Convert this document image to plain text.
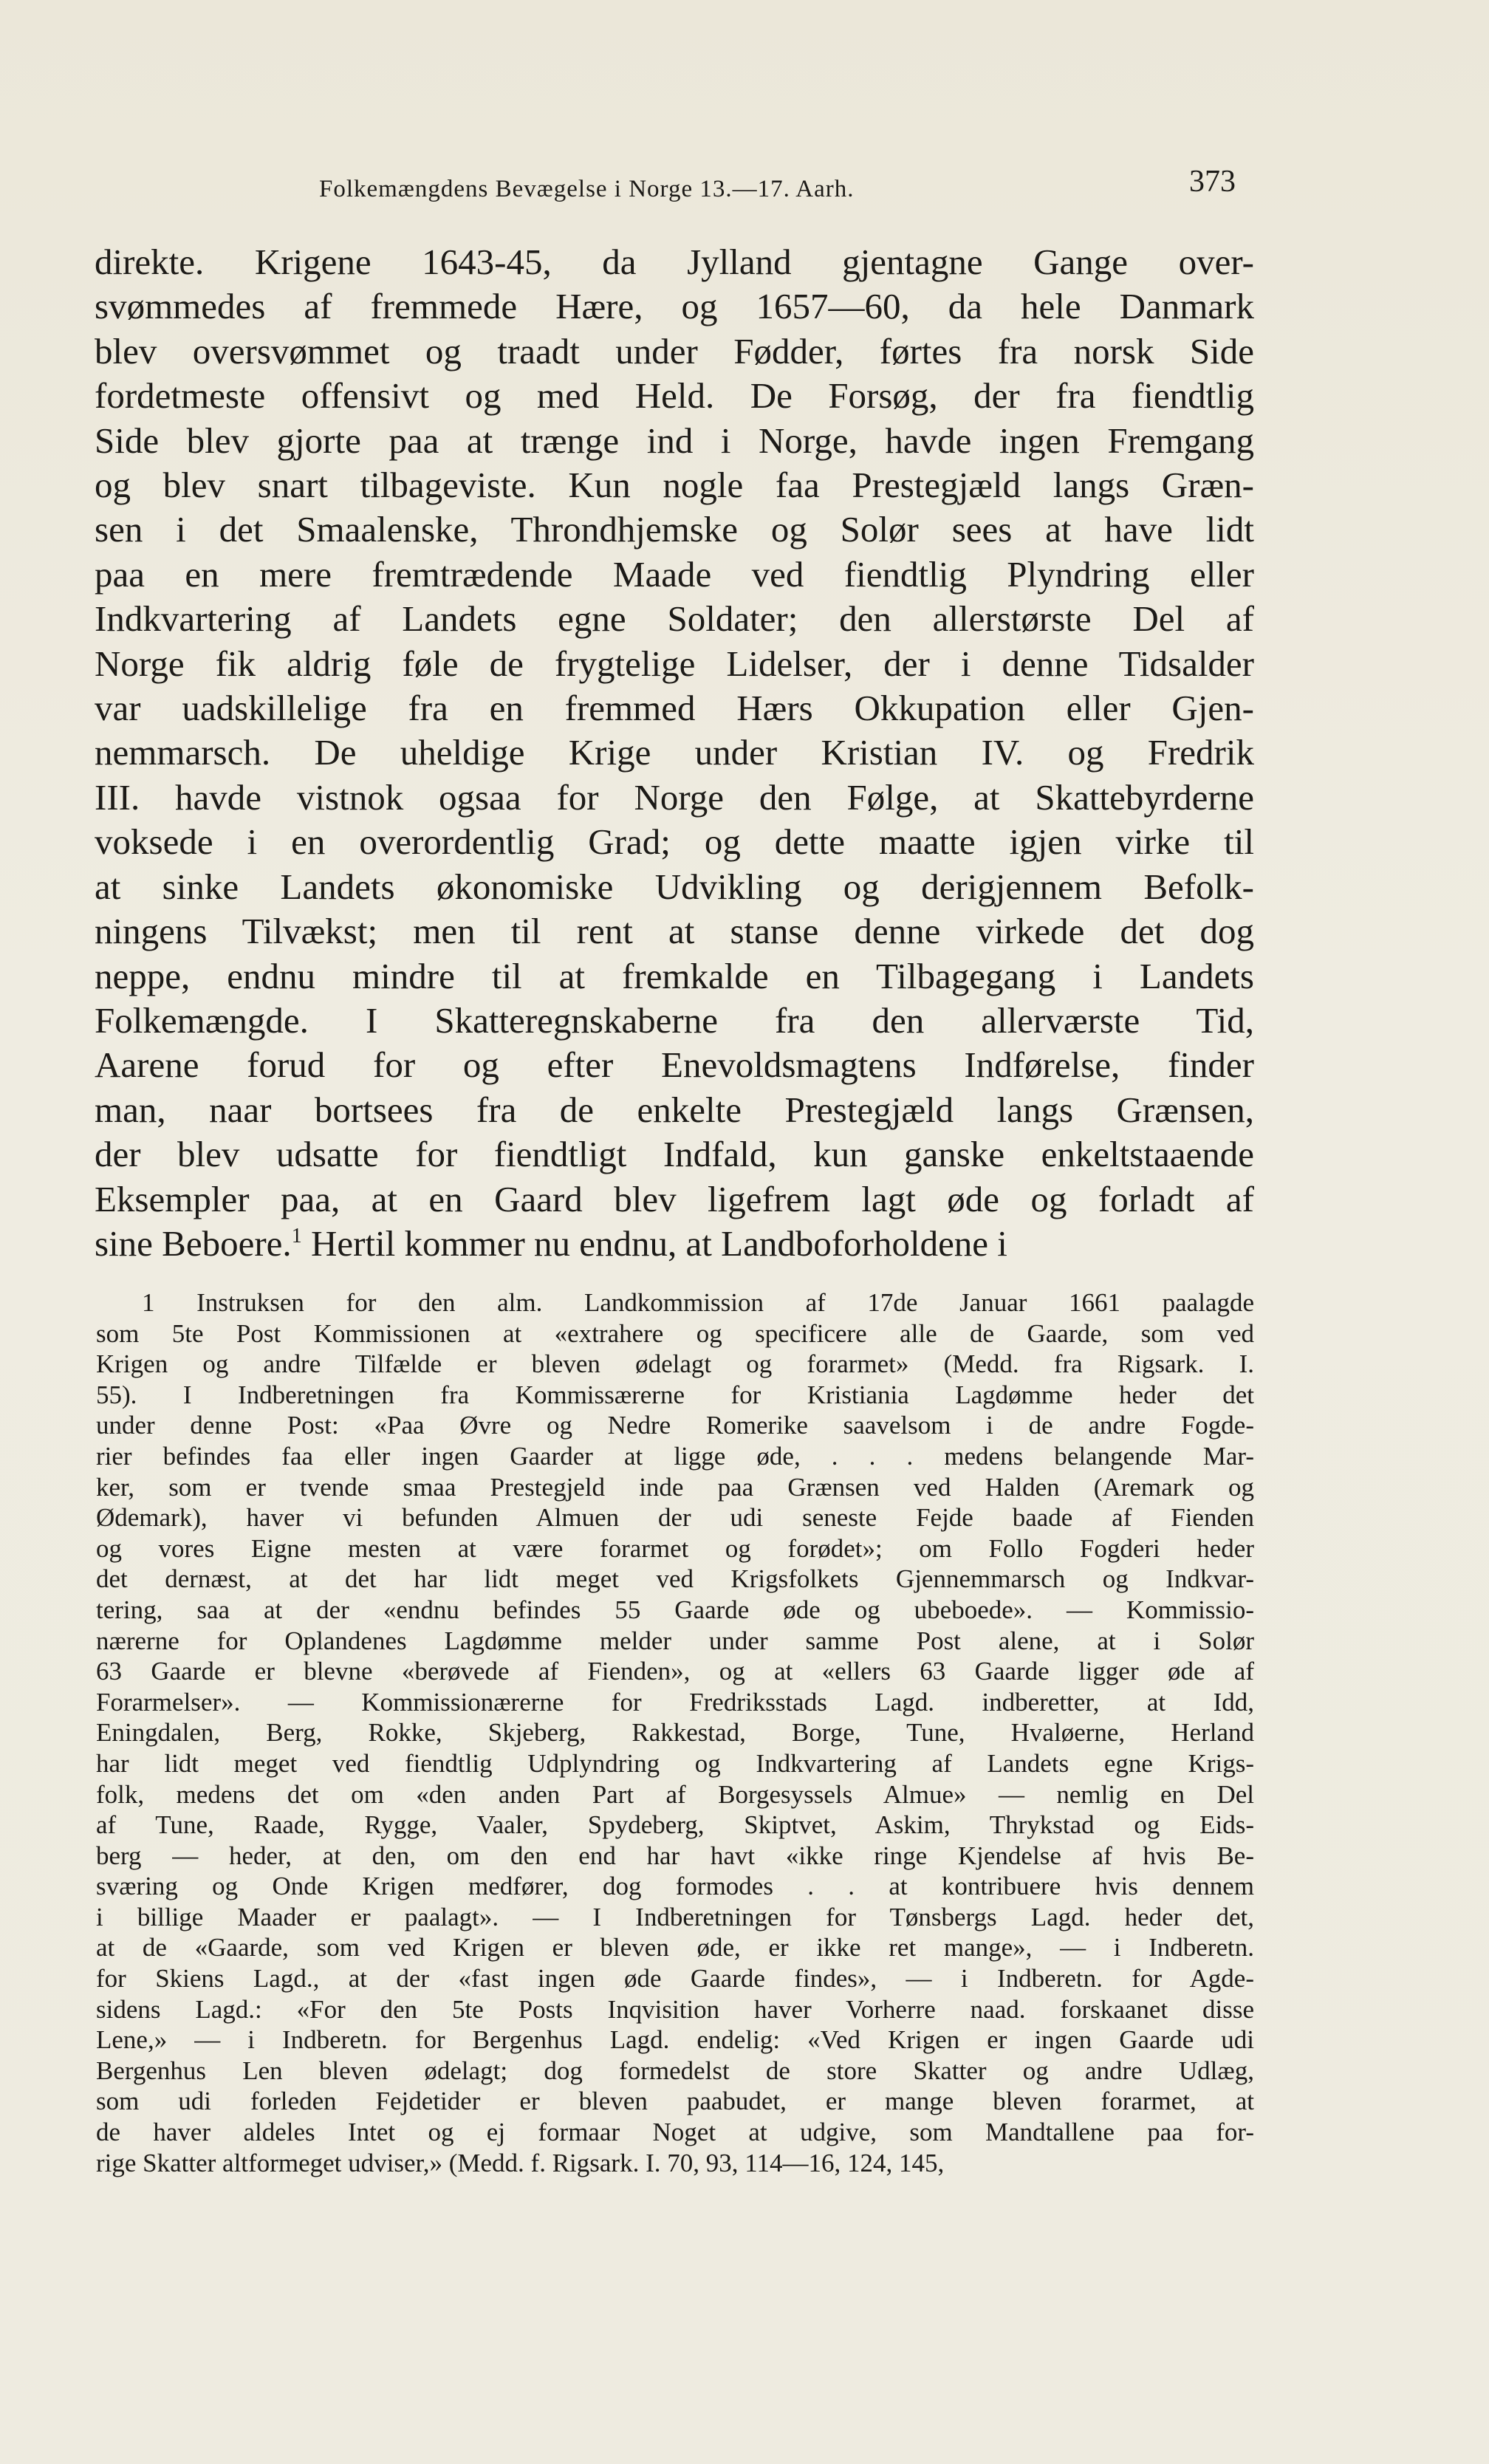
Folkemængdens Bevægelse i Norge 13.—17. Aarh.	373
direkte. Krigene 1643-45, da Jylland gjentagne Gange over-
svømmedes af fremmede Hære, og 1657—60, da hele Danmark
blev oversvømmet og traadt under Fødder, førtes fra norsk Side
fordetmeste offensivt og med Held. De Forsøg, der fra fiendtlig
Side blev gjorte paa at trænge ind i Norge, havde ingen Fremgang
og blev snart tilbageviste. Kun nogle faa Prestegjæld langs Græn-
sen i det Smaalenske, Throndhjemske og Solør sees at have lidt
paa en mere fremtrædende Maade ved fiendtlig Plyndring eller
Indkvartering af Landets egne Soldater; den allerstørste Del af
Norge fik aldrig føle de frygtelige Lidelser, der i denne Tidsalder
var uadskillelige fra en fremmed Hærs Okkupation eller Gjen-
nemmarsch. De uheldige Krige under Kristian IV. og Fredrik
III. havde vistnok ogsaa for Norge den Følge, at Skattebyrderne
voksede i en overordentlig Grad; og dette maatte igjen virke til
at sinke Landets økonomiske Udvikling og derigjennem Befolk-
ningens Tilvækst; men til rent at stanse denne virkede det dog
neppe, endnu mindre til at fremkalde en Tilbagegang i Landets
Folkemængde. I Skatteregnskaberne fra den allerværste Tid,
Aarene forud for og efter Enevoldsmagtens Indførelse, finder
man, naar bortsees fra de enkelte Prestegjæld langs Grænsen,
der blev udsatte for fiendtligt Indfald, kun ganske enkeltstaaende
Eksempler paa, at en Gaard blev ligefrem lagt øde og forladt af
sine Beboere.$^1$ Hertil kommer nu endnu, at Landboforholdene i
1 Instruksen for den alm. Landkommission af 17de Januar 1661 paalagde
som 5te Post Kommissionen at «extrahere og specificere alle de Gaarde, som ved
Krigen og andre Tilfælde er bleven ødelagt og forarmet» (Medd. fra Rigsark. I.
55). I Indberetningen fra Kommissærerne for Kristiania Lagdømme heder det
under denne Post: «Paa Øvre og Nedre Romerike saavelsom i de andre Fogde-
rier befindes faa eller ingen Gaarder at ligge øde, . . . medens belangende Mar-
ker, som er tvende smaa Prestegjeld inde paa Grænsen ved Halden (Aremark og
Ødemark), haver vi befunden Almuen der udi seneste Fejde baade af Fienden
og vores Eigne mesten at være forarmet og forødet»; om Follo Fogderi heder
det dernæst, at det har lidt meget ved Krigsfolkets Gjennemmarsch og Indkvar-
tering, saa at der «endnu befindes 55 Gaarde øde og ubeboede». — Kommissio-
nærerne for Oplandenes Lagdømme melder under samme Post alene, at i Solør
63 Gaarde er blevne «berøvede af Fienden», og at «ellers 63 Gaarde ligger øde af
Forarmelser». — Kommissionærerne for Fredriksstads Lagd. indberetter, at Idd,
Eningdalen, Berg, Rokke, Skjeberg, Rakkestad, Borge, Tune, Hvaløerne, Herland
har lidt meget ved fiendtlig Udplyndring og Indkvartering af Landets egne Krigs-
folk, medens det om «den anden Part af Borgesyssels Almue» — nemlig en Del
af Tune, Raade, Rygge, Vaaler, Spydeberg, Skiptvet, Askim, Thrykstad og Eids-
berg — heder, at den, om den end har havt «ikke ringe Kjendelse af hvis Be-
sværing og Onde Krigen medfører, dog formodes . . at kontribuere hvis dennem
i billige Maader er paalagt». — I Indberetningen for Tønsbergs Lagd. heder det,
at de «Gaarde, som ved Krigen er bleven øde, er ikke ret mange», — i Indberetn.
for Skiens Lagd., at der «fast ingen øde Gaarde findes», — i Indberetn. for Agde-
sidens Lagd.: «For den 5te Posts Inqvisition haver Vorherre naad. forskaanet disse
Lene,» — i Indberetn. for Bergenhus Lagd. endelig: «Ved Krigen er ingen Gaarde udi
Bergenhus Len bleven ødelagt; dog formedelst de store Skatter og andre Udlæg,
som udi forleden Fejdetider er bleven paabudet, er mange bleven forarmet, at
de haver aldeles Intet og ej formaar Noget at udgive, som Mandtallene paa for-
rige Skatter altformeget udviser,» (Medd. f. Rigsark. I. 70, 93, 114—16, 124, 145,
